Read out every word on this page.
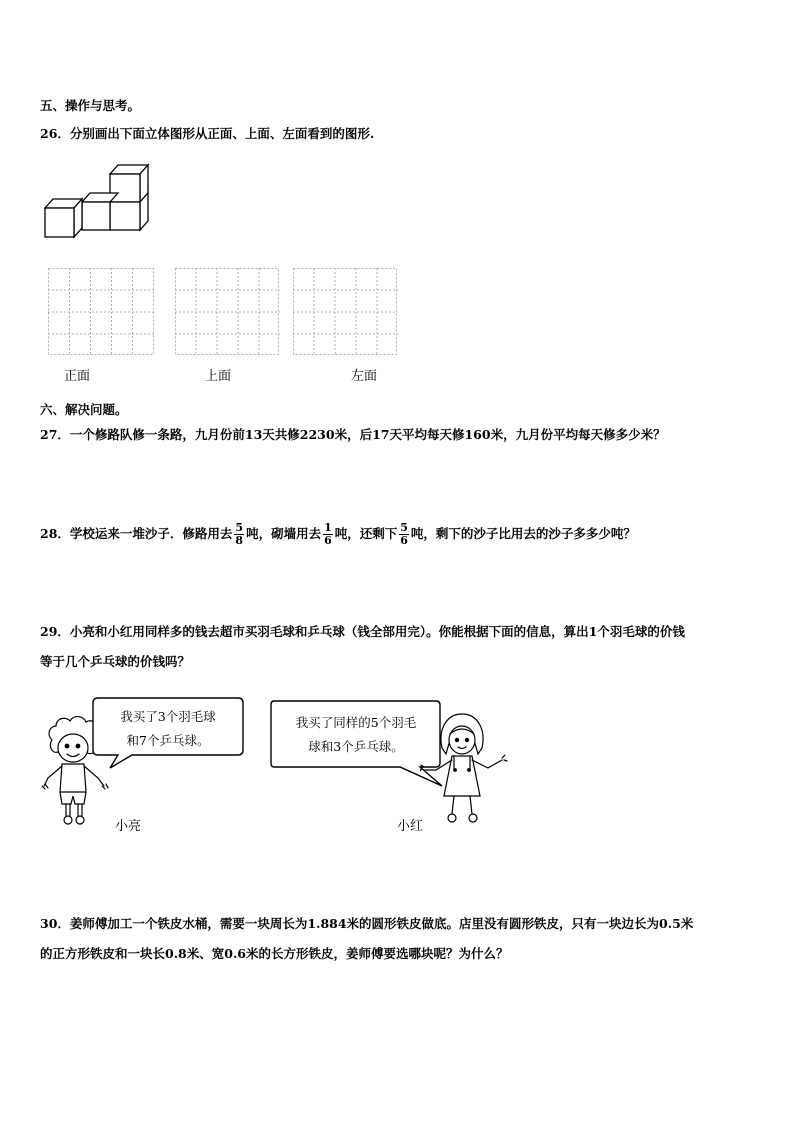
五、操作与思考。
26．分别画出下面立体图形从正面、上面、左面看到的图形.
正面	上面	左面
六、解决问题。
27．一个修路队修一条路，九月份前13天共修2230米，后17天平均每天修160米，九月份平均每天修多少米？
28．学校运来一堆沙子．修路用去 $\frac{5}{8}$ 吨，砌墙用去 $\frac{1}{6}$ 吨，还剩下 $\frac{5}{6}$ 吨，剩下的沙子比用去的沙子多多少吨？
29．小亮和小红用同样多的钱去超市买羽毛球和乒乓球（钱全部用完）。你能根据下面的信息，算出1个羽毛球的价钱
等于几个乒乓球的价钱吗？
我买了3个羽毛球
和7个乒乓球。
小亮
我买了同样的5个羽毛
球和3个乒乓球。
小红
30．姜师傅加工一个铁皮水桶，需要一块周长为1.884米的圆形铁皮做底。店里没有圆形铁皮，只有一块边长为0.5米
的正方形铁皮和一块长0.8米、宽0.6米的长方形铁皮，姜师傅要选哪块呢？为什么？
